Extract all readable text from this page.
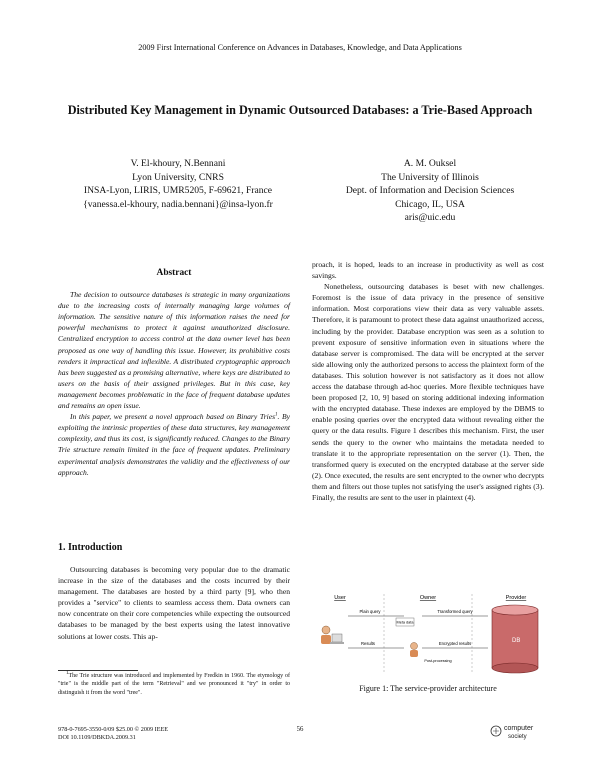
2009 First International Conference on Advances in Databases, Knowledge, and Data Applications
Distributed Key Management in Dynamic Outsourced Databases: a Trie-Based Approach
V. El-khoury, N.Bennani
Lyon University, CNRS
INSA-Lyon, LIRIS, UMR5205, F-69621, France
{vanessa.el-khoury, nadia.bennani}@insa-lyon.fr
A. M. Ouksel
The University of Illinois
Dept. of Information and Decision Sciences
Chicago, IL, USA
aris@uic.edu
Abstract

The decision to outsource databases is strategic in many organizations due to the increasing costs of internally managing large volumes of information. The sensitive nature of this information raises the need for powerful mechanisms to protect it against unauthorized disclosure. Centralized encryption to access control at the data owner level has been proposed as one way of handling this issue. However, its prohibitive costs renders it impractical and inflexible. A distributed cryptographic approach has been suggested as a promising alternative, where keys are distributed to users on the basis of their assigned privileges. But in this case, key management becomes problematic in the face of frequent database updates and remains an open issue.

In this paper, we present a novel approach based on Binary Tries$^1$. By exploiting the intrinsic properties of these data structures, key management complexity, and thus its cost, is significantly reduced. Changes to the Binary Trie structure remain limited in the face of frequent updates. Preliminary experimental analysis demonstrates the validity and the effectiveness of our approach.

1. Introduction

Outsourcing databases is becoming very popular due to the dramatic increase in the size of the databases and the costs incurred by their management. The databases are hosted by a third party [9], who then provides a "service" to clients to seamless access them. Data owners can now concentrate on their core competencies while expecting the outsourced databases to be managed by the best experts using the latest innovative solutions at lower costs. This ap-

$^1$The Trie structure was introduced and implemented by Fredkin in 1960. The etymology of "trie" is the middle part of the term "Retrieval" and we pronounced it "try" in order to distinguish it from the word "tree".

proach, it is hoped, leads to an increase in productivity as well as cost savings.

Nonetheless, outsourcing databases is beset with new challenges. Foremost is the issue of data privacy in the presence of sensitive information. Most corporations view their data as very valuable assets. Therefore, it is paramount to protect these data against unauthorized access, including by the provider. Database encryption was seen as a solution to prevent exposure of sensitive information even in situations where the database server is compromised. The data will be encrypted at the server side allowing only the authorized persons to access the plaintext form of the databases. This solution however is not satisfactory as it does not allow access the database through ad-hoc queries. More flexible techniques have been proposed [2, 10, 9] based on storing additional indexing information with the encrypted database. These indexes are employed by the DBMS to enable posing queries over the encrypted data without revealing either the query or the data results. Figure 1 describes this mechanism. First, the user sends the query to the owner who maintains the metadata needed to translate it to the appropriate representation on the server (1). Then, the transformed query is executed on the encrypted database at the server side (2). Once executed, the results are sent encrypted to the owner who decrypts them and filters out those tuples not satisfying the user's assigned rights (3). Finally, the results are sent to the user in plaintext (4).

User	Owner	Provider
Plain query
Meta data
Transformed query
Encrypted results
Results
Post-processing
DB
Figure 1: The service-provider architecture
978-0-7695-3550-0/09 $25.00 © 2009 IEEE
DOI 10.1109/DBKDA.2009.31
56	computer
society
